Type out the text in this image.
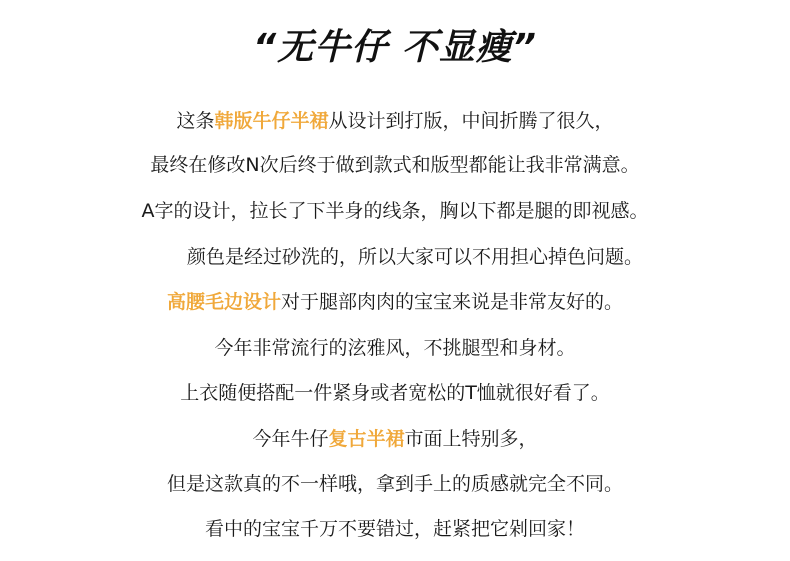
“无牛仔 不显瘦”
这条韩版牛仔半裙从设计到打版，中间折腾了很久，
最终在修改N次后终于做到款式和版型都能让我非常满意。
A字的设计，拉长了下半身的线条，胸以下都是腿的即视感。
颜色是经过砂洗的，所以大家可以不用担心掉色问题。
高腰毛边设计对于腿部肉肉的宝宝来说是非常友好的。
今年非常流行的泫雅风，不挑腿型和身材。
上衣随便搭配一件紧身或者宽松的T恤就很好看了。
今年牛仔复古半裙市面上特别多，
但是这款真的不一样哦，拿到手上的质感就完全不同。
看中的宝宝千万不要错过，赶紧把它剁回家！
